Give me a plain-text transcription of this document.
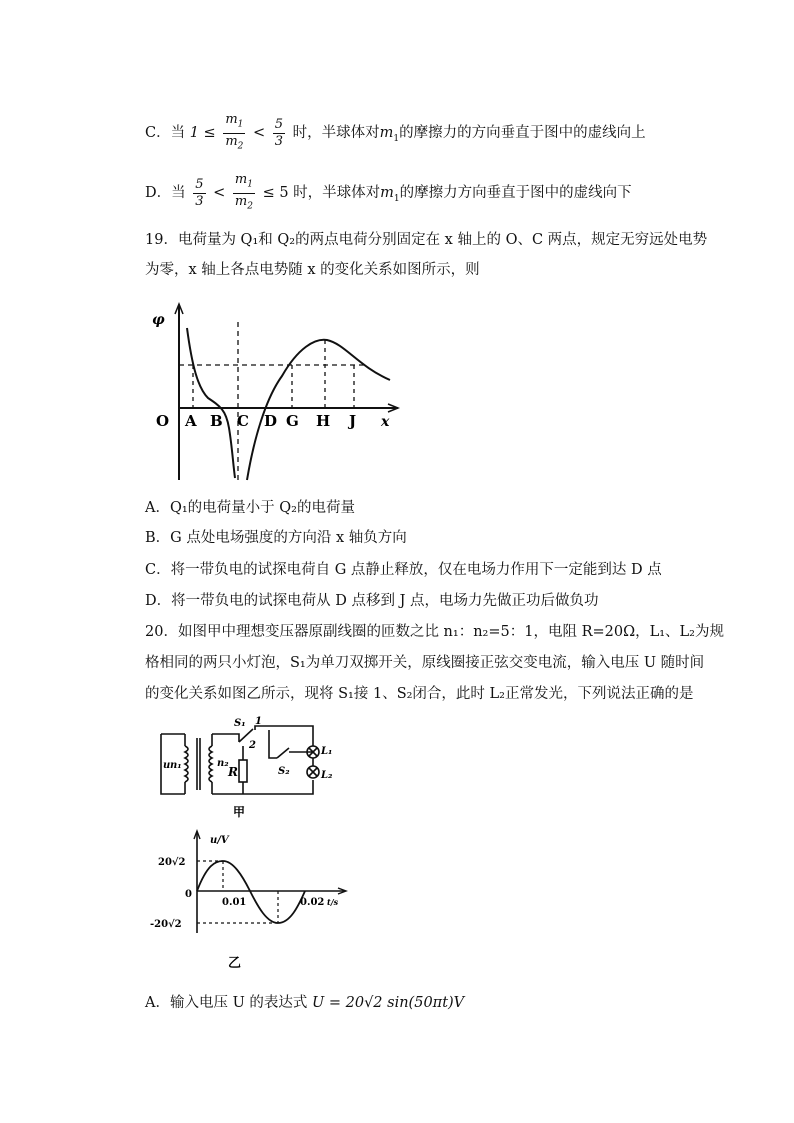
C．当 $1 \le \frac{m_1}{m_2} < \frac{5}{3}$ 时，半球体对$m_1$的摩擦力的方向垂直于图中的虚线向上
D．当 $\frac{5}{3} < \frac{m_1}{m_2} \le 5$ 时，半球体对$m_1$的摩擦力方向垂直于图中的虚线向下
19．电荷量为 Q₁和 Q₂的两点电荷分别固定在 x 轴上的 O、C 两点，规定无穷远处电势
为零，x 轴上各点电势随 x 的变化关系如图所示，则
φ
O	x
A B C D G H J
A．Q₁的电荷量小于 Q₂的电荷量
B．G 点处电场强度的方向沿 x 轴负方向
C．将一带负电的试探电荷自 G 点静止释放，仅在电场力作用下一定能到达 D 点
D．将一带负电的试探电荷从 D 点移到 J 点，电场力先做正功后做负功
20．如图甲中理想变压器原副线圈的匝数之比 n₁：n₂=5：1，电阻 R=20Ω，L₁、L₂为规
格相同的两只小灯泡，S₁为单刀双掷开关，原线圈接正弦交变电流，输入电压 U 随时间
的变化关系如图乙所示，现将 S₁接 1、S₂闭合，此时 L₂正常发光，下列说法正确的是
u n₁	n₂
R
S₁ 1
2
S₂
L₁
L₂
甲
u/V
20√2
0
-20√2
0.01	0.02 t/s
乙
A．输入电压 U 的表达式 U = 20√2 sin(50πt)V
